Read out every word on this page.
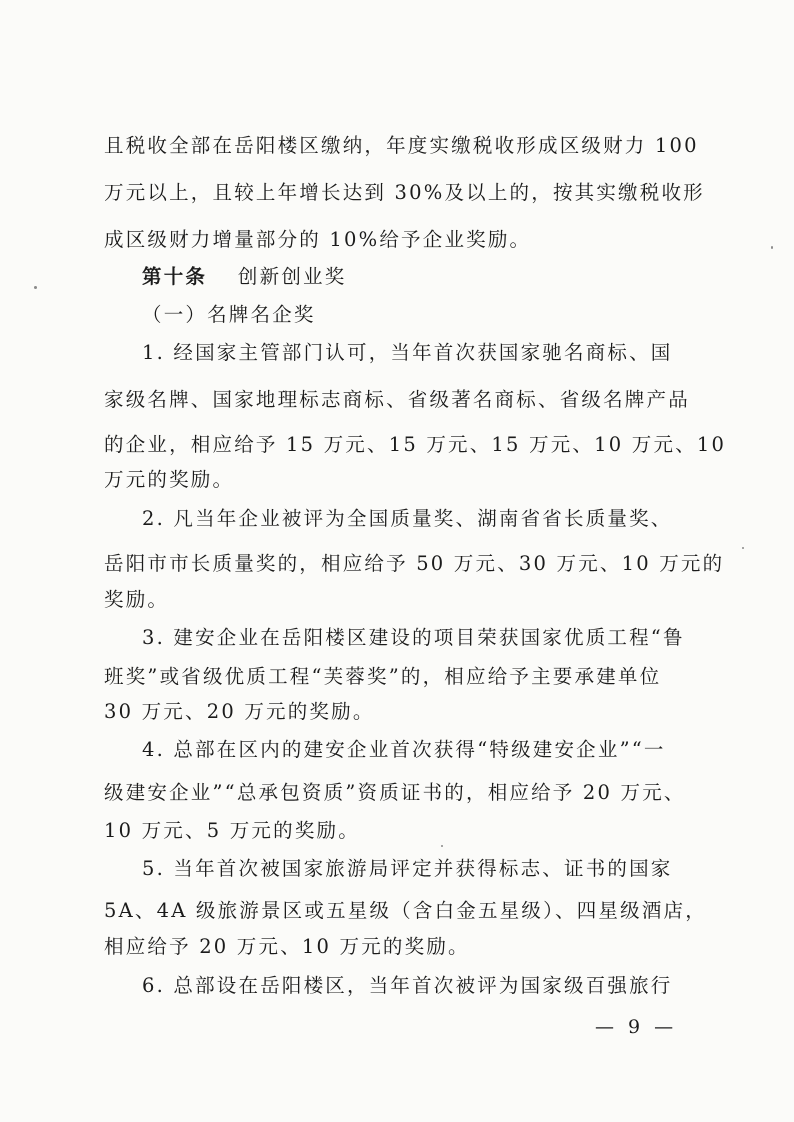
且税收全部在岳阳楼区缴纳，年度实缴税收形成区级财力 100
万元以上，且较上年增长达到 30%及以上的，按其实缴税收形
成区级财力增量部分的 10%给予企业奖励。
第十条 创新创业奖
（一）名牌名企奖
1. 经国家主管部门认可，当年首次获国家驰名商标、国
家级名牌、国家地理标志商标、省级著名商标、省级名牌产品
的企业，相应给予 15 万元、15 万元、15 万元、10 万元、10
万元的奖励。
2. 凡当年企业被评为全国质量奖、湖南省省长质量奖、
岳阳市市长质量奖的，相应给予 50 万元、30 万元、10 万元的
奖励。
3. 建安企业在岳阳楼区建设的项目荣获国家优质工程“鲁
班奖”或省级优质工程“芙蓉奖”的，相应给予主要承建单位
30 万元、20 万元的奖励。
4. 总部在区内的建安企业首次获得“特级建安企业”“一
级建安企业”“总承包资质”资质证书的，相应给予 20 万元、
10 万元、5 万元的奖励。
5. 当年首次被国家旅游局评定并获得标志、证书的国家
5A、4A 级旅游景区或五星级（含白金五星级）、四星级酒店，
相应给予 20 万元、10 万元的奖励。
6. 总部设在岳阳楼区，当年首次被评为国家级百强旅行
— 9 —
